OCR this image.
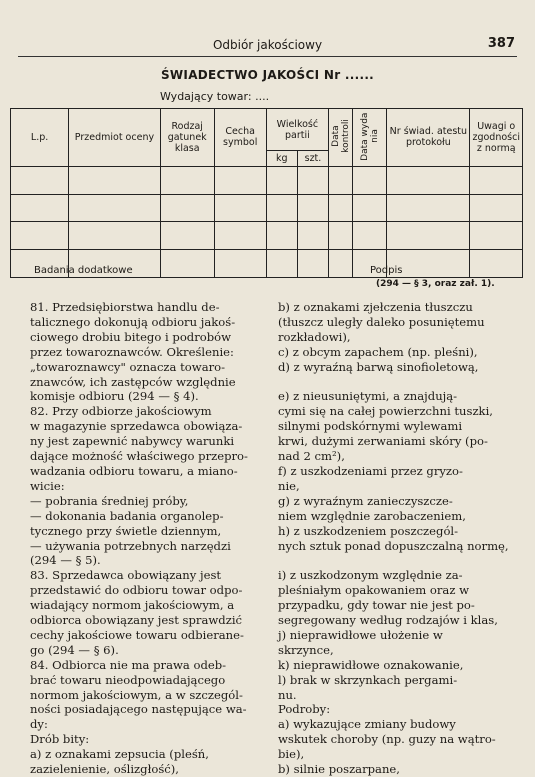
Odbiór jakościowy	387
ŚWIADECTWO JAKOŚCI Nr ......
Wydający towar: ....
L.p.	Przedmiot oceny	Rodzaj gatunek klasa	Cecha symbol	Wielkość partii		Data kontroli	Data wyda nia	Nr świad. atestu protokołu	Uwagi o zgodności z normą
				kg	szt.				

Badania dodatkowe	Podpis
(294 — § 3, oraz zał. 1).
81. Przedsiębiorstwa handlu de-
talicznego dokonują odbioru jakoś-
ciowego drobiu bitego i podrobów
przez towaroznawców. Określenie:
„towaroznawcy" oznacza towaro-
znawców, ich zastępców względnie
komisje odbioru (294 — § 4).
82. Przy odbiorze jakościowym
w magazynie sprzedawca obowiąza-
ny jest zapewnić nabywcy warunki
dające możność właściwego przepro-
wadzania odbioru towaru, a miano-
wicie:
— pobrania średniej próby,
— dokonania badania organolep-
tycznego przy świetle dziennym,
— używania potrzebnych narzędzi
(294 — § 5).
83. Sprzedawca obowiązany jest
przedstawić do odbioru towar odpo-
wiadający normom jakościowym, a
odbiorca obowiązany jest sprawdzić
cechy jakościowe towaru odbierane-
go (294 — § 6).
84. Odbiorca nie ma prawa odeb-
brać towaru nieodpowiadającego
normom jakościowym, a w szczegól-
ności posiadającego następujące wa-
dy:
Drób bity:
a) z oznakami zepsucia (pleśń,
zazielenienie, oślizgłość),
b) z oznakami zjełczenia tłuszczu
(tłuszcz uległy daleko posuniętemu
rozkładowi),
c) z obcym zapachem (np. pleśni),
d) z wyraźną barwą sinofioletową,

e) z nieusuniętymi, a znajdują-
cymi się na całej powierzchni tuszki,
silnymi podskórnymi wylewami
krwi, dużymi zerwaniami skóry (po-
nad 2 cm²),
f) z uszkodzeniami przez gryzo-
nie,
g) z wyraźnym zanieczyszcze-
niem względnie zarobaczeniem,
h) z uszkodzeniem poszczegól-
nych sztuk ponad dopuszczalną normę,

i) z uszkodzonym względnie za-
pleśniałym opakowaniem oraz w
przypadku, gdy towar nie jest po-
segregowany według rodzajów i klas,
j) nieprawidłowe ułożenie w
skrzynce,
k) nieprawidłowe oznakowanie,
l) brak w skrzynkach pergami-
nu.
Podroby:
a) wykazujące zmiany budowy
wskutek choroby (np. guzy na wątro-
bie),
b) silnie poszarpane,
